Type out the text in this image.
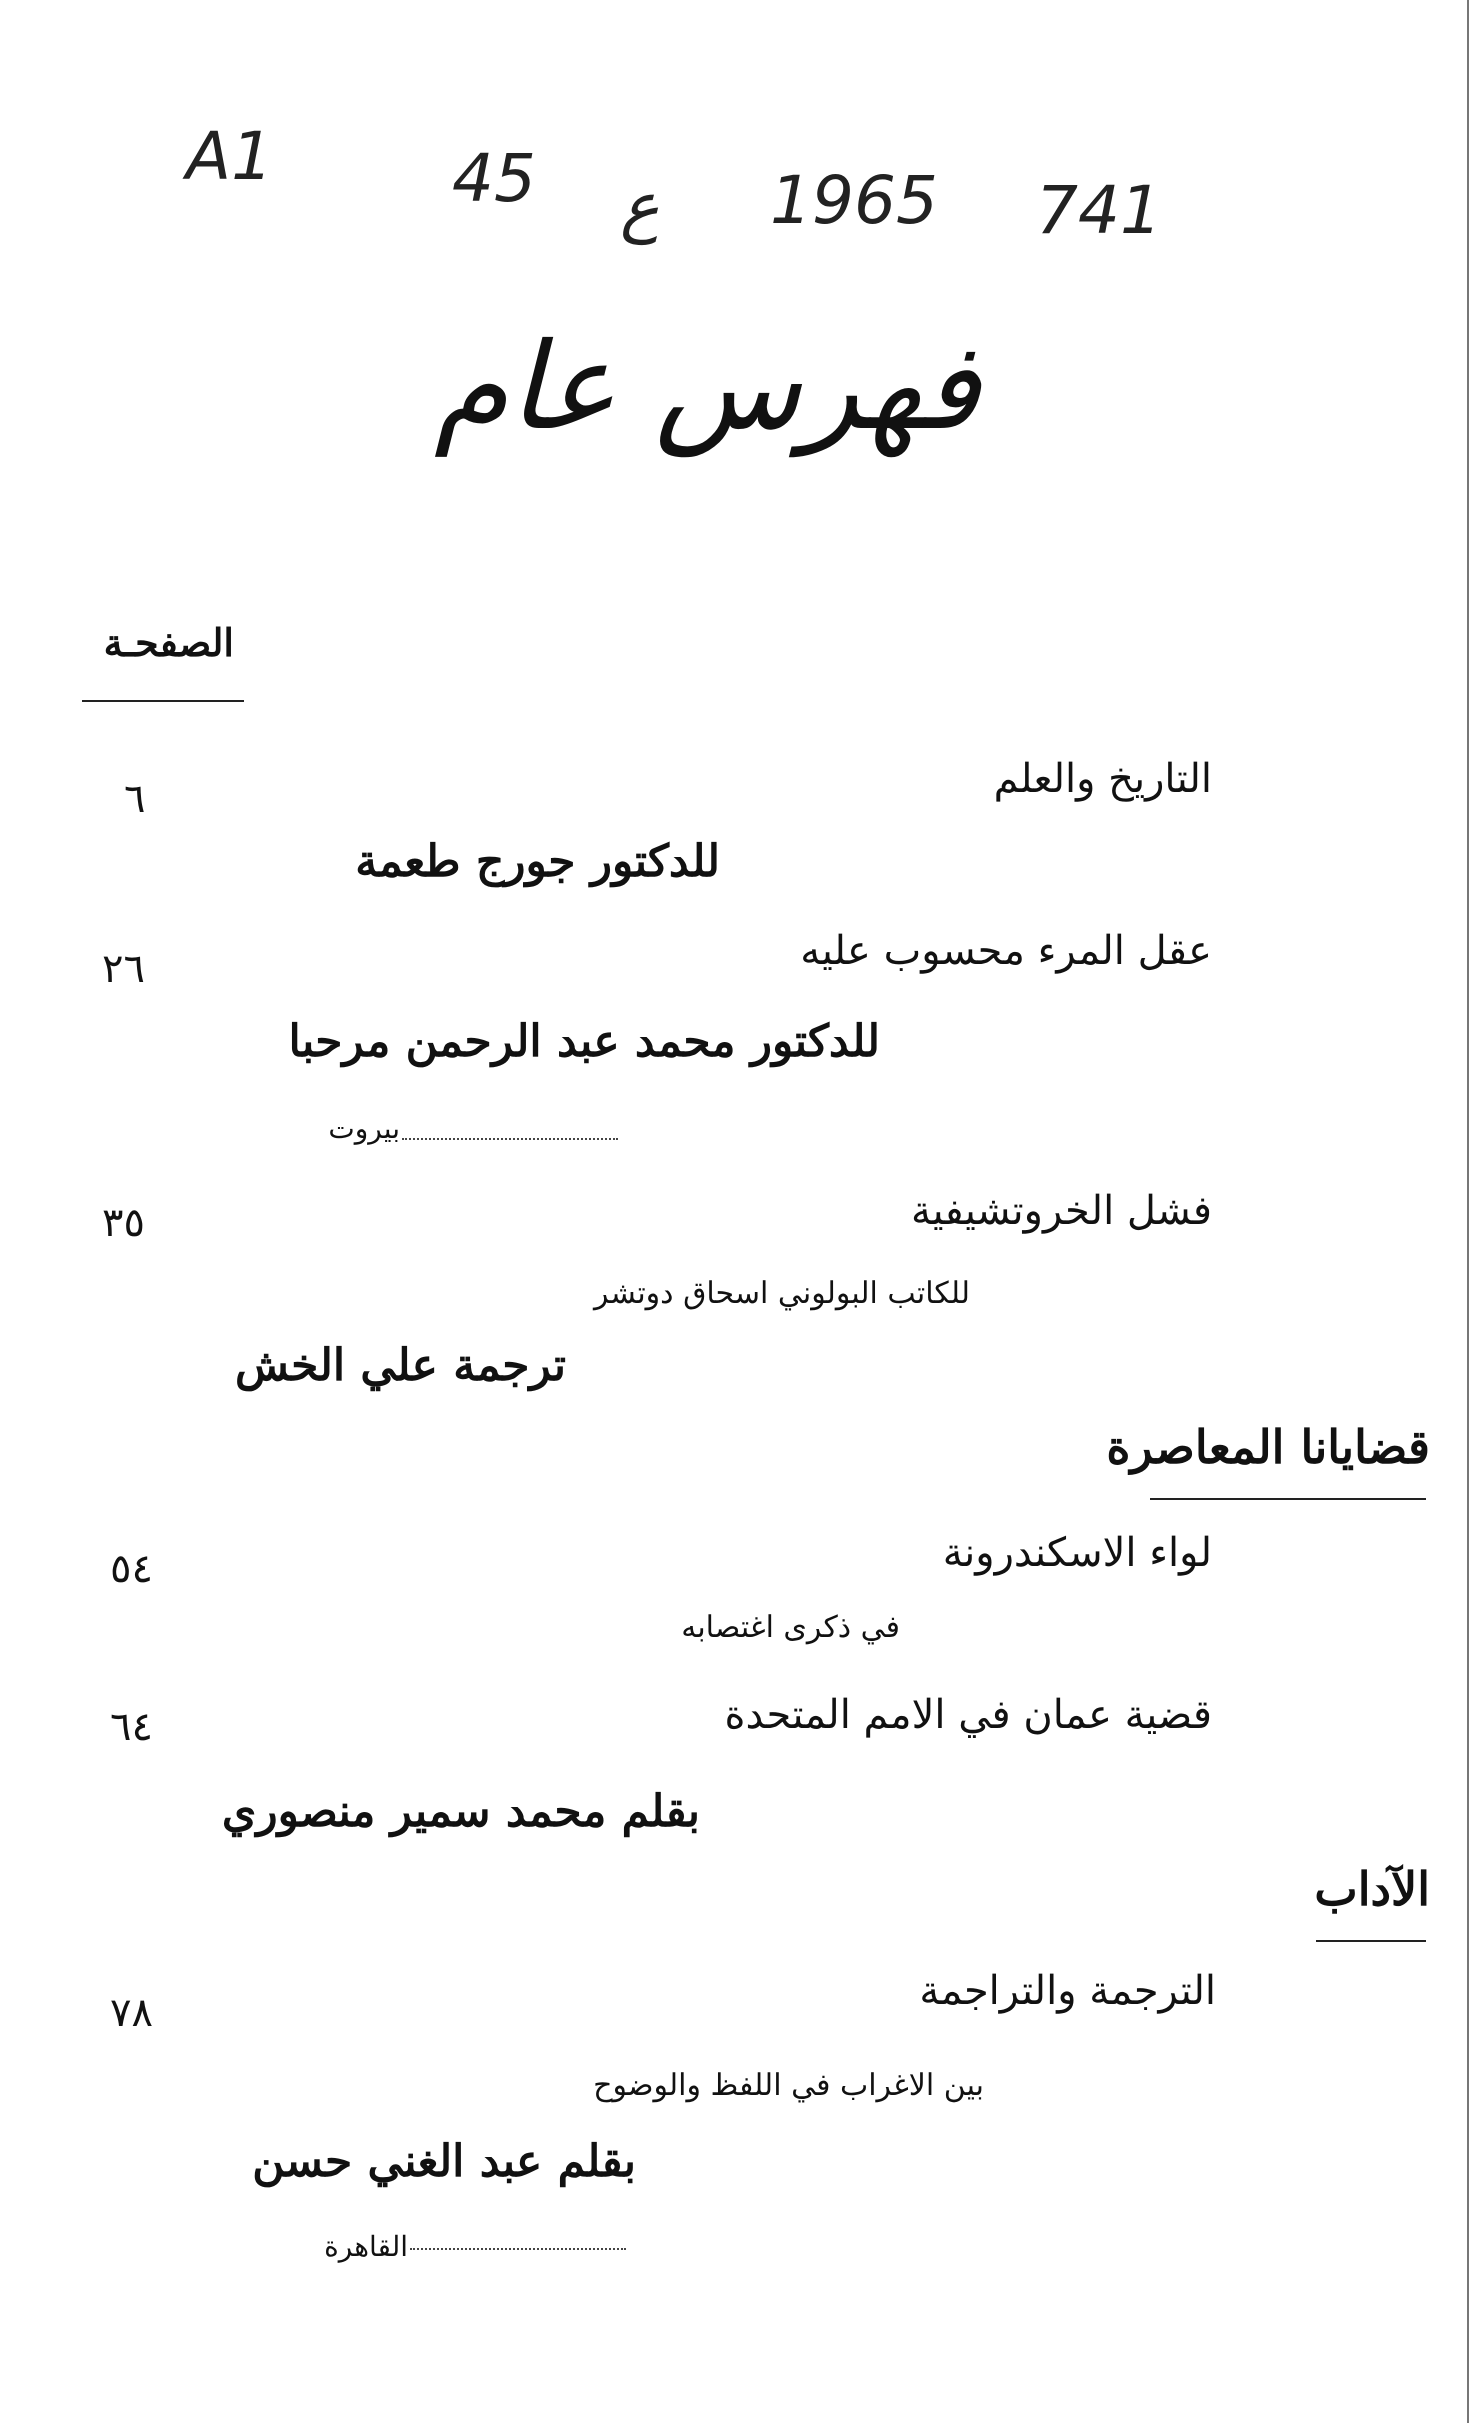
A1	45 ع 1965 741
فهرس عام
الصفحـة
التاريخ والعلم
٦
للدكتور جورج طعمة
عقل المرء محسوب عليه
٢٦
للدكتور محمد عبد الرحمن مرحبا
بيروت
فشل الخروتشيفية
٣٥
للكاتب البولوني اسحاق دوتشر
ترجمة علي الخش
قضايانا المعاصرة
لواء الاسكندرونة
٥٤
في ذكرى اغتصابه
قضية عمان في الامم المتحدة
٦٤
بقلم محمد سمير منصوري
الآداب
الترجمة والتراجمة
٧٨
بين الاغراب في اللفظ والوضوح
بقلم عبد الغني حسن
القاهرة
